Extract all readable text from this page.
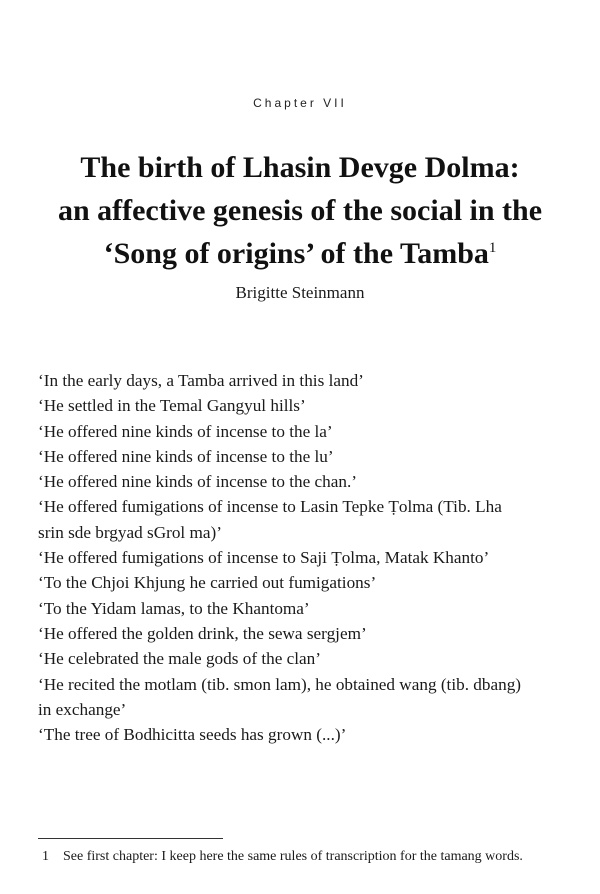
Chapter VII
The birth of Lhasin Devge Dolma:
an affective genesis of the social in the
‘Song of origins’ of the Tamba$^1$
Brigitte Steinmann
‘In the early days, a Tamba arrived in this land’
‘He settled in the Temal Gangyul hills’
‘He offered nine kinds of incense to the la’
‘He offered nine kinds of incense to the lu’
‘He offered nine kinds of incense to the chan.’
‘He offered fumigations of incense to Lasin Tepke Ṭolma (Tib. Lha
srin sde brgyad sGrol ma)’
‘He offered fumigations of incense to Saji Ṭolma, Matak Khanto’
‘To the Chjoi Khjung he carried out fumigations’
‘To the Yidam lamas, to the Khantoma’
‘He offered the golden drink, the sewa sergjem’
‘He celebrated the male gods of the clan’
‘He recited the motlam (tib. smon lam), he obtained wang (tib. dbang)
in exchange’
‘The tree of Bodhicitta seeds has grown (...)’
1 See first chapter: I keep here the same rules of transcription for the tamang words.
